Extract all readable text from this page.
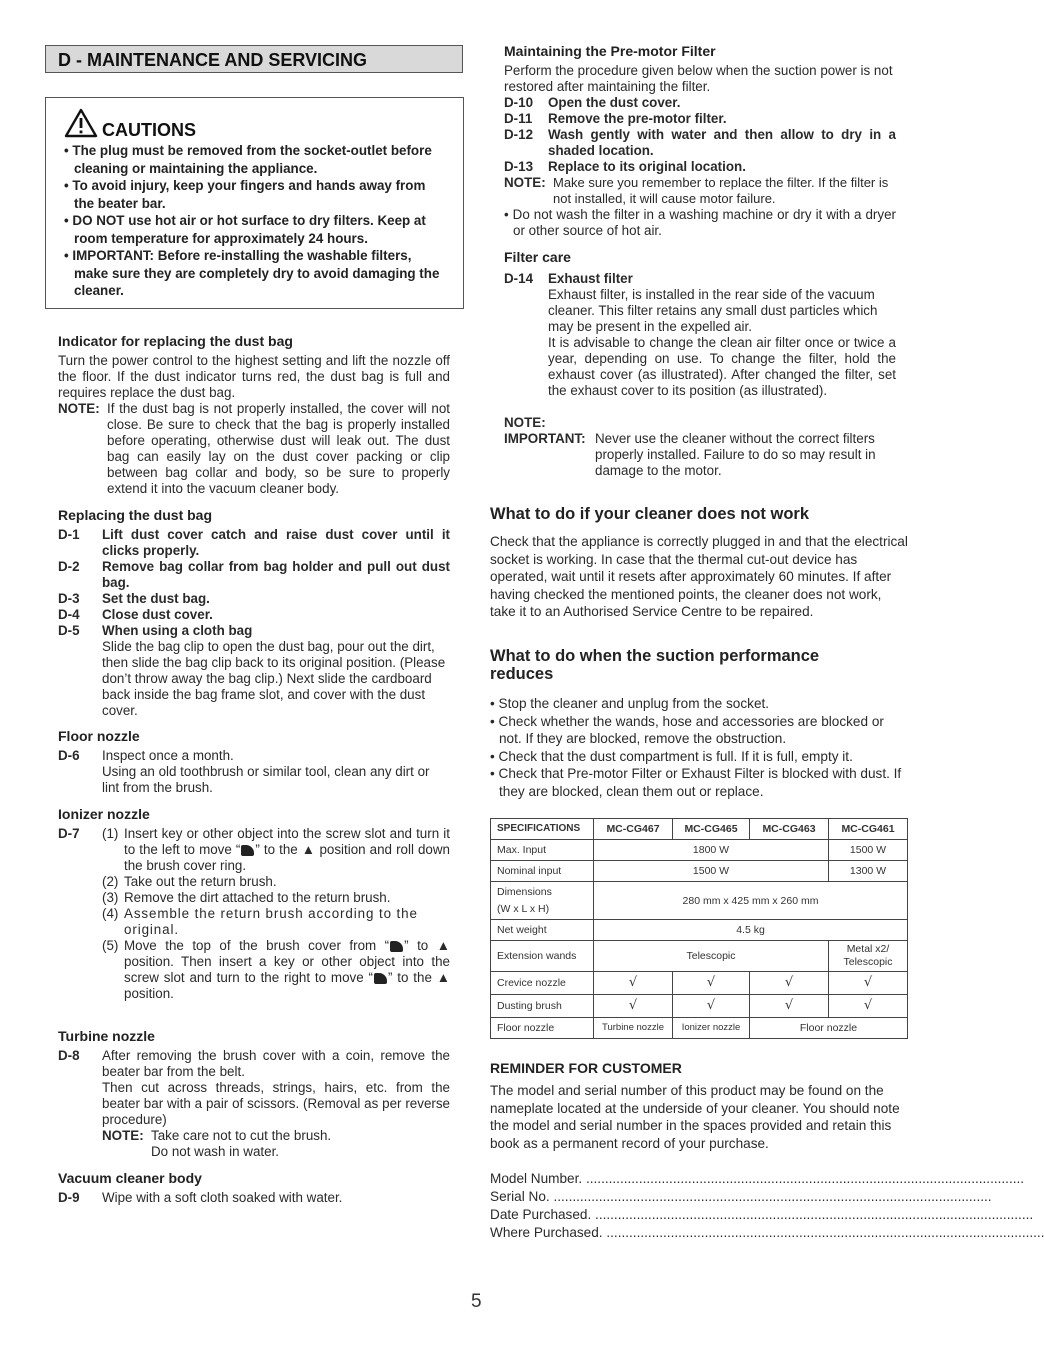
D - MAINTENANCE AND SERVICING
CAUTIONS
• The plug must be removed from the socket-outlet before cleaning or maintaining the appliance.
• To avoid injury, keep your fingers and hands away from the beater bar.
• DO NOT use hot air or hot surface to dry filters. Keep at room temperature for approximately 24 hours.
• IMPORTANT: Before re-installing the washable filters, make sure they are completely dry to avoid damaging the cleaner.
Indicator for replacing the dust bag

Turn the power control to the highest setting and lift the nozzle off the floor. If the dust indicator turns red, the dust bag is full and requires replace the dust bag.

NOTE: If the dust bag is not properly installed, the cover will not close. Be sure to check that the bag is properly installed before operating, otherwise dust will leak out. The dust bag can easily lay on the dust cover packing or clip between bag collar and body, so be sure to properly extend it into the vacuum cleaner body.
Replacing the dust bag
D-1	Lift dust cover catch and raise dust cover until it clicks properly.
D-2	Remove bag collar from bag holder and pull out dust bag.
D-3	Set the dust bag.
D-4	Close dust cover.
D-5	When using a cloth bag
Slide the bag clip to open the dust bag, pour out the dirt, then slide the bag clip back to its original position. (Please don’t throw away the bag clip.) Next slide the cardboard back inside the bag frame slot, and cover with the dust cover.
Floor nozzle
D-6	Inspect once a month.
Using an old toothbrush or similar tool, clean any dirt or lint from the brush.
Ionizer nozzle
D-7	(1) Insert key or other object into the screw slot and turn it to the left to move “ ” to the ▲ position and roll down the brush cover ring.
(2) Take out the return brush.
(3) Remove the dirt attached to the return brush.
(4) Assemble the return brush according to the original.
(5) Move the top of the brush cover from “ ” to ▲ position. Then insert a key or other object into the screw slot and turn to the right to move “ ” to the ▲ position.
Turbine nozzle
D-8	After removing the brush cover with a coin, remove the beater bar from the belt.
Then cut across threads, strings, hairs, etc. from the beater bar with a pair of scissors. (Removal as per reverse procedure)
NOTE: Take care not to cut the brush.
Do not wash in water.
Vacuum cleaner body
D-9	Wipe with a soft cloth soaked with water.
Maintaining the Pre-motor Filter

Perform the procedure given below when the suction power is not restored after maintaining the filter.

D-10	Open the dust cover.
D-11	Remove the pre-motor filter.
D-12	Wash gently with water and then allow to dry in a shaded location.
D-13	Replace to its original location.
NOTE: Make sure you remember to replace the filter. If the filter is not installed, it will cause motor failure.

• Do not wash the filter in a washing machine or dry it with a dryer or other source of hot air.

Filter care
D-14	Exhaust filter
Exhaust filter, is installed in the rear side of the vacuum cleaner. This filter retains any small dust particles which may be present in the expelled air.
It is advisable to change the clean air filter once or twice a year, depending on use. To change the filter, hold the exhaust cover (as illustrated). After changed the filter, set the exhaust cover to its position (as illustrated).
NOTE:
IMPORTANT: Never use the cleaner without the correct filters properly installed. Failure to do so may result in damage to the motor.
What to do if your cleaner does not work

Check that the appliance is correctly plugged in and that the electrical socket is working. In case that the thermal cut-out device has operated, wait until it resets after approximately 60 minutes. If after having checked the mentioned points, the cleaner does not work, take it to an Authorised Service Centre to be repaired.

What to do when the suction performance reduces
• Stop the cleaner and unplug from the socket.
• Check whether the wands, hose and accessories are blocked or not. If they are blocked, remove the obstruction.
• Check that the dust compartment is full. If it is full, empty it.
• Check that Pre-motor Filter or Exhaust Filter is blocked with dust. If they are blocked, clean them out or replace.
SPECIFICATIONS	MC-CG467	MC-CG465	MC-CG463	MC-CG461
Max. Input	1800 W			1500 W
Nominal input	1500 W			1300 W

Dimensions
(W x L x H)	280 mm x 425 mm x 260 mm			
Net weight	4.5 kg			
Extension wands	Telescopic			Metal x2/
Telescopic

Crevice nozzle	√	√	√	√
Dusting brush	√	√	√	√
Floor nozzle	Turbine nozzle	Ionizer nozzle	Floor nozzle	
REMINDER FOR CUSTOMER

The model and serial number of this product may be found on the nameplate located at the underside of your cleaner. You should note the model and serial number in the spaces provided and retain this book as a permanent record of your purchase.

Model Number. ....................................................................................................................
Serial No. ....................................................................................................................
Date Purchased. ....................................................................................................................
Where Purchased. ....................................................................................................................
5
